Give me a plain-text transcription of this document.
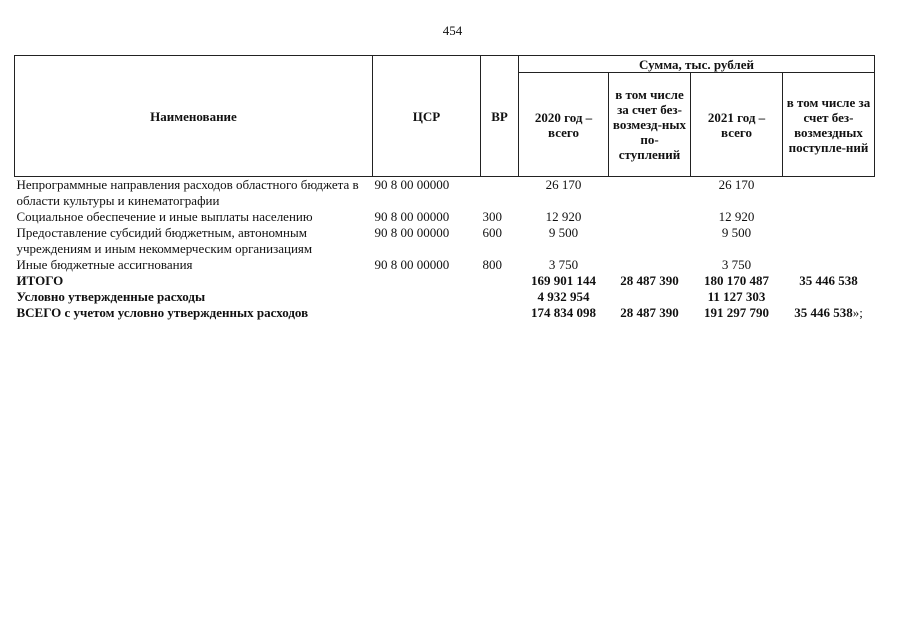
454
Наименование	ЦСР	ВР	Сумма, тыс. рублей			
			2020 год – всего	в том числе за счет без-возмезд-ных по-ступлений	2021 год – всего	в том числе за счет без-возмездных поступле-ний
Непрограммные направления расходов областного бюджета в области культуры и кинематографии	90 8 00 00000		26 170		26 170	
Социальное обеспечение и иные выплаты населению	90 8 00 00000	300	12 920		12 920	
Предоставление субсидий бюджетным, автономным учреждениям и иным некоммерческим организациям	90 8 00 00000	600	9 500		9 500	
Иные бюджетные ассигнования	90 8 00 00000	800	3 750		3 750	
ИТОГО			169 901 144	28 487 390	180 170 487	35 446 538
Условно утвержденные расходы			4 932 954		11 127 303	
ВСЕГО с учетом условно утвержденных расходов			174 834 098	28 487 390	191 297 790	35 446 538»;
